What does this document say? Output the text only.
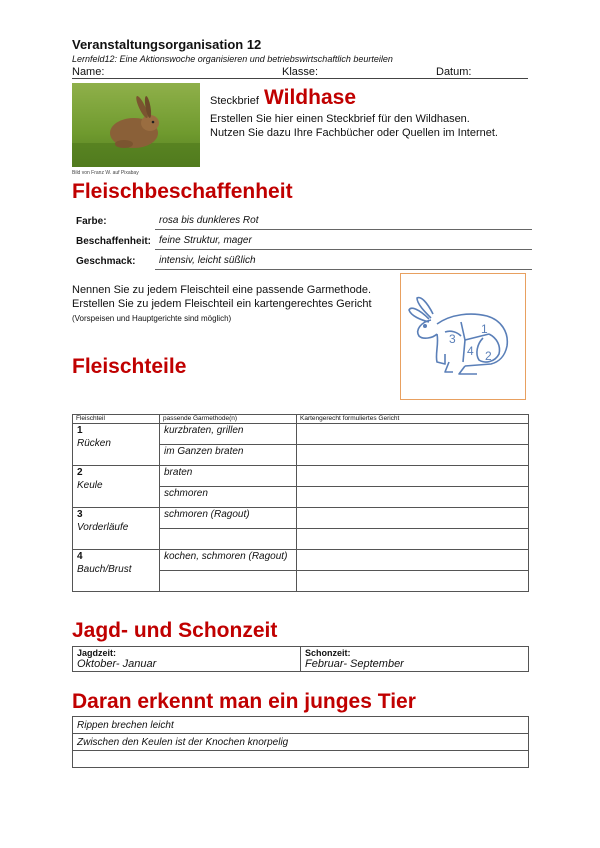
Veranstaltungsorganisation 12
Lernfeld12: Eine Aktionswoche organisieren und betriebswirtschaftlich beurteilen
Name:	Klasse:	Datum:
Bild von Franz W. auf Pixabay
Steckbrief Wildhase
Erstellen Sie hier einen Steckbrief für den Wildhasen.
Nutzen Sie dazu Ihre Fachbücher oder Quellen im Internet.
Fleischbeschaffenheit
Farbe:	rosa bis dunkleres Rot
Beschaffenheit: feine Struktur, mager
Geschmack:	intensiv, leicht süßlich
Nennen Sie zu jedem Fleischteil eine passende Garmethode.
Erstellen Sie zu jedem Fleischteil ein kartengerechtes Gericht
(Vorspeisen und Hauptgerichte sind möglich)
1
2
3
4
Fleischteile
Fleischteil	passende Garmethode(n)	Kartengerecht formuliertes Gericht

1
Rücken	kurzbraten, grillen	
	im Ganzen braten	

2
Keule	braten	
	schmoren	

3
Vorderläufe	schmoren (Ragout)	

4
Bauch/Brust	kochen, schmoren (Ragout)	

Jagd- und Schonzeit
Jagdzeit:
Oktober- Januar

Schonzeit:
Februar- September
Daran erkennt man ein junges Tier
Rippen brechen leicht
Zwischen den Keulen ist der Knochen knorpelig
